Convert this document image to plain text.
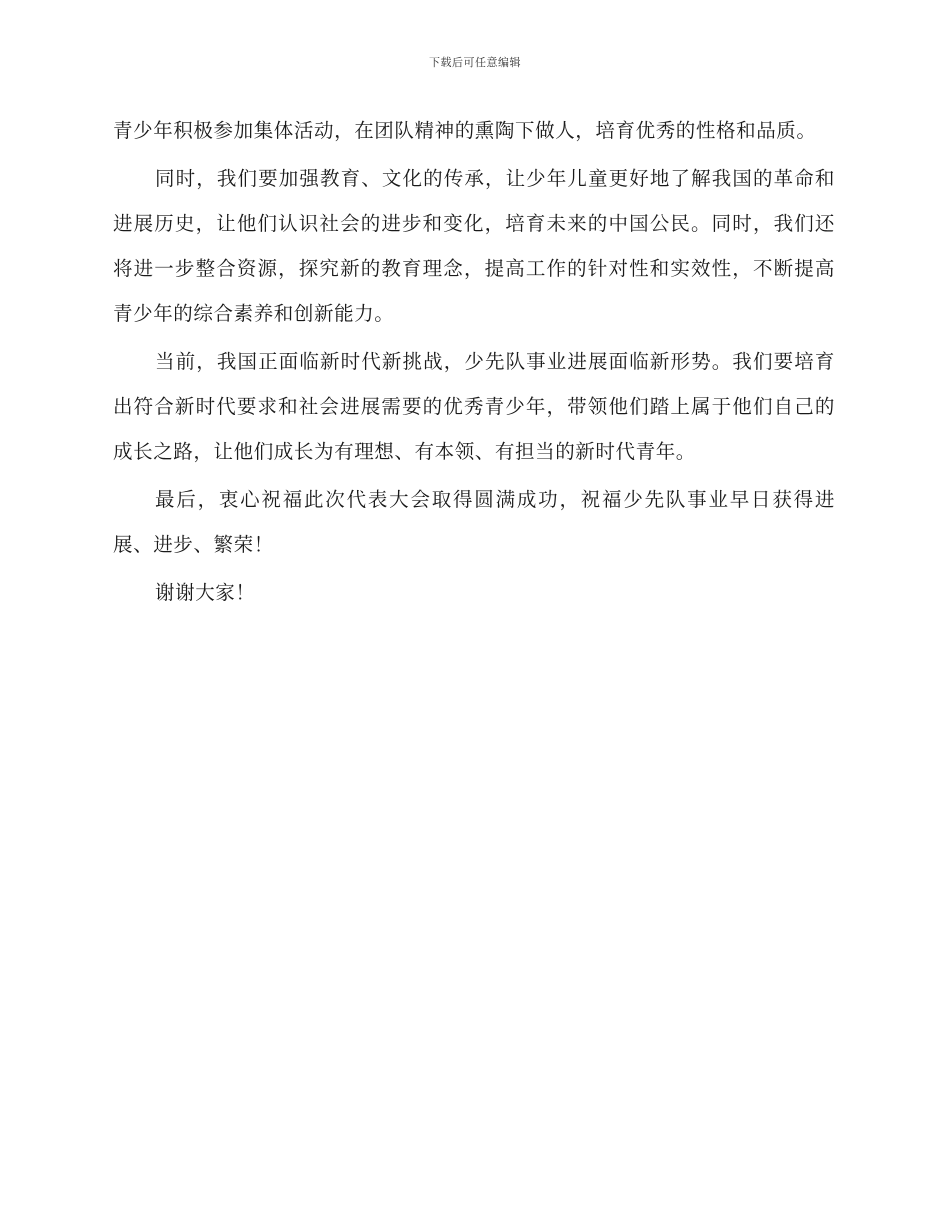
下载后可任意编辑

青少年积极参加集体活动，在团队精神的熏陶下做人，培育优秀的性格和品质。

同时，我们要加强教育、文化的传承，让少年儿童更好地了解我国的革命和进展历史，让他们认识社会的进步和变化，培育未来的中国公民。同时，我们还将进一步整合资源，探究新的教育理念，提高工作的针对性和实效性，不断提高青少年的综合素养和创新能力。

当前，我国正面临新时代新挑战，少先队事业进展面临新形势。我们要培育出符合新时代要求和社会进展需要的优秀青少年，带领他们踏上属于他们自己的成长之路，让他们成长为有理想、有本领、有担当的新时代青年。

最后，衷心祝福此次代表大会取得圆满成功，祝福少先队事业早日获得进展、进步、繁荣！

谢谢大家！
